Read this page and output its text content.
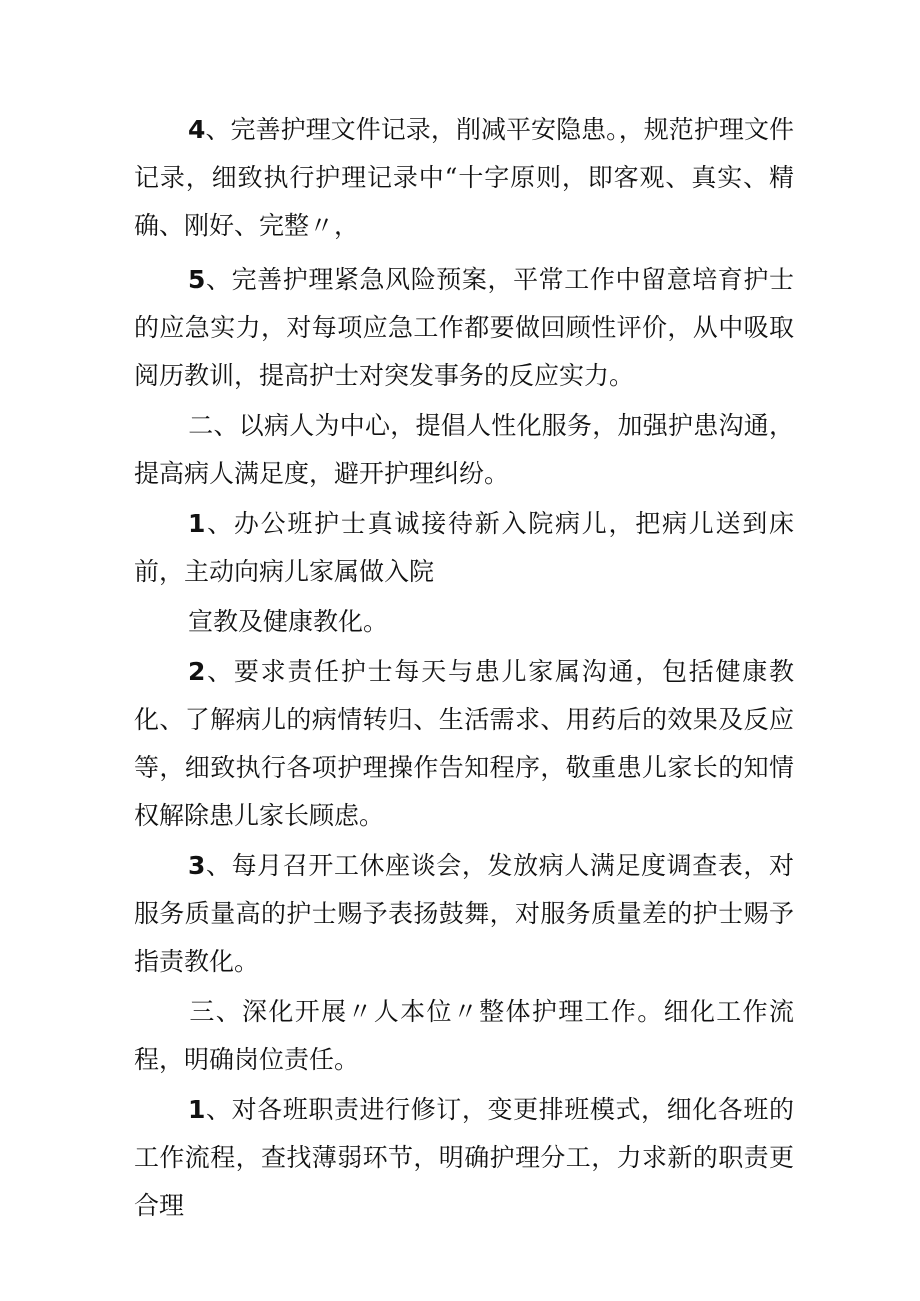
4、完善护理文件记录，削减平安隐患。，规范护理文件记录，细致执行护理记录中“十字原则，即客观、真实、精确、刚好、完整〃，

5、完善护理紧急风险预案，平常工作中留意培育护士的应急实力，对每项应急工作都要做回顾性评价，从中吸取阅历教训，提高护士对突发事务的反应实力。

二、以病人为中心，提倡人性化服务，加强护患沟通，提高病人满足度，避开护理纠纷。

1、办公班护士真诚接待新入院病儿，把病儿送到床前，主动向病儿家属做入院

宣教及健康教化。

2、要求责任护士每天与患儿家属沟通，包括健康教化、了解病儿的病情转归、生活需求、用药后的效果及反应等，细致执行各项护理操作告知程序，敬重患儿家长的知情权解除患儿家长顾虑。

3、每月召开工休座谈会，发放病人满足度调查表，对服务质量高的护士赐予表扬鼓舞，对服务质量差的护士赐予指责教化。

三、深化开展〃人本位〃整体护理工作。细化工作流程，明确岗位责任。

1、对各班职责进行修订，变更排班模式，细化各班的工作流程，查找薄弱环节，明确护理分工，力求新的职责更合理
